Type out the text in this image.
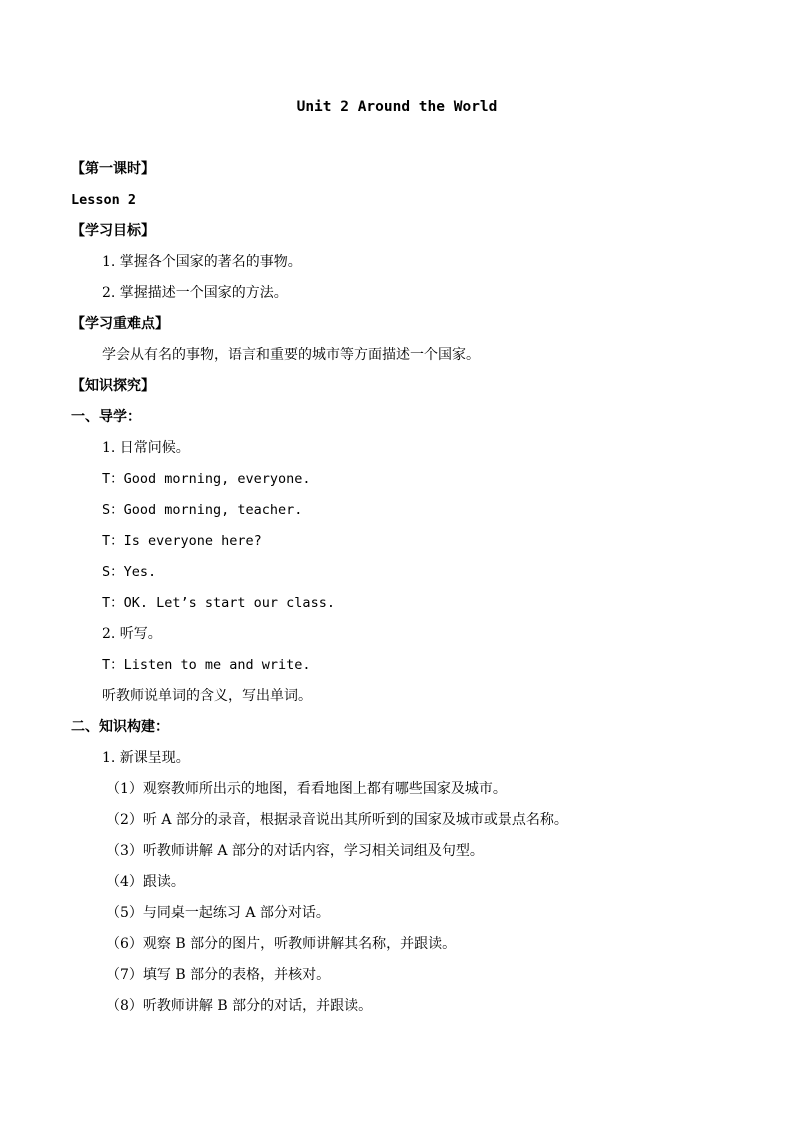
Unit 2 Around the World

【第一课时】

Lesson 2

【学习目标】

1. 掌握各个国家的著名的事物。

2. 掌握描述一个国家的方法。

【学习重难点】

学会从有名的事物，语言和重要的城市等方面描述一个国家。

【知识探究】

一、导学：

1. 日常问候。

T：Good morning, everyone.

S：Good morning, teacher.

T：Is everyone here?

S：Yes.

T：OK. Let’s start our class.

2. 听写。

T：Listen to me and write.

听教师说单词的含义，写出单词。

二、知识构建：

1. 新课呈现。

（1）观察教师所出示的地图，看看地图上都有哪些国家及城市。

（2）听 A 部分的录音，根据录音说出其所听到的国家及城市或景点名称。

（3）听教师讲解 A 部分的对话内容，学习相关词组及句型。

（4）跟读。

（5）与同桌一起练习 A 部分对话。

（6）观察 B 部分的图片，听教师讲解其名称，并跟读。

（7）填写 B 部分的表格，并核对。

（8）听教师讲解 B 部分的对话，并跟读。
